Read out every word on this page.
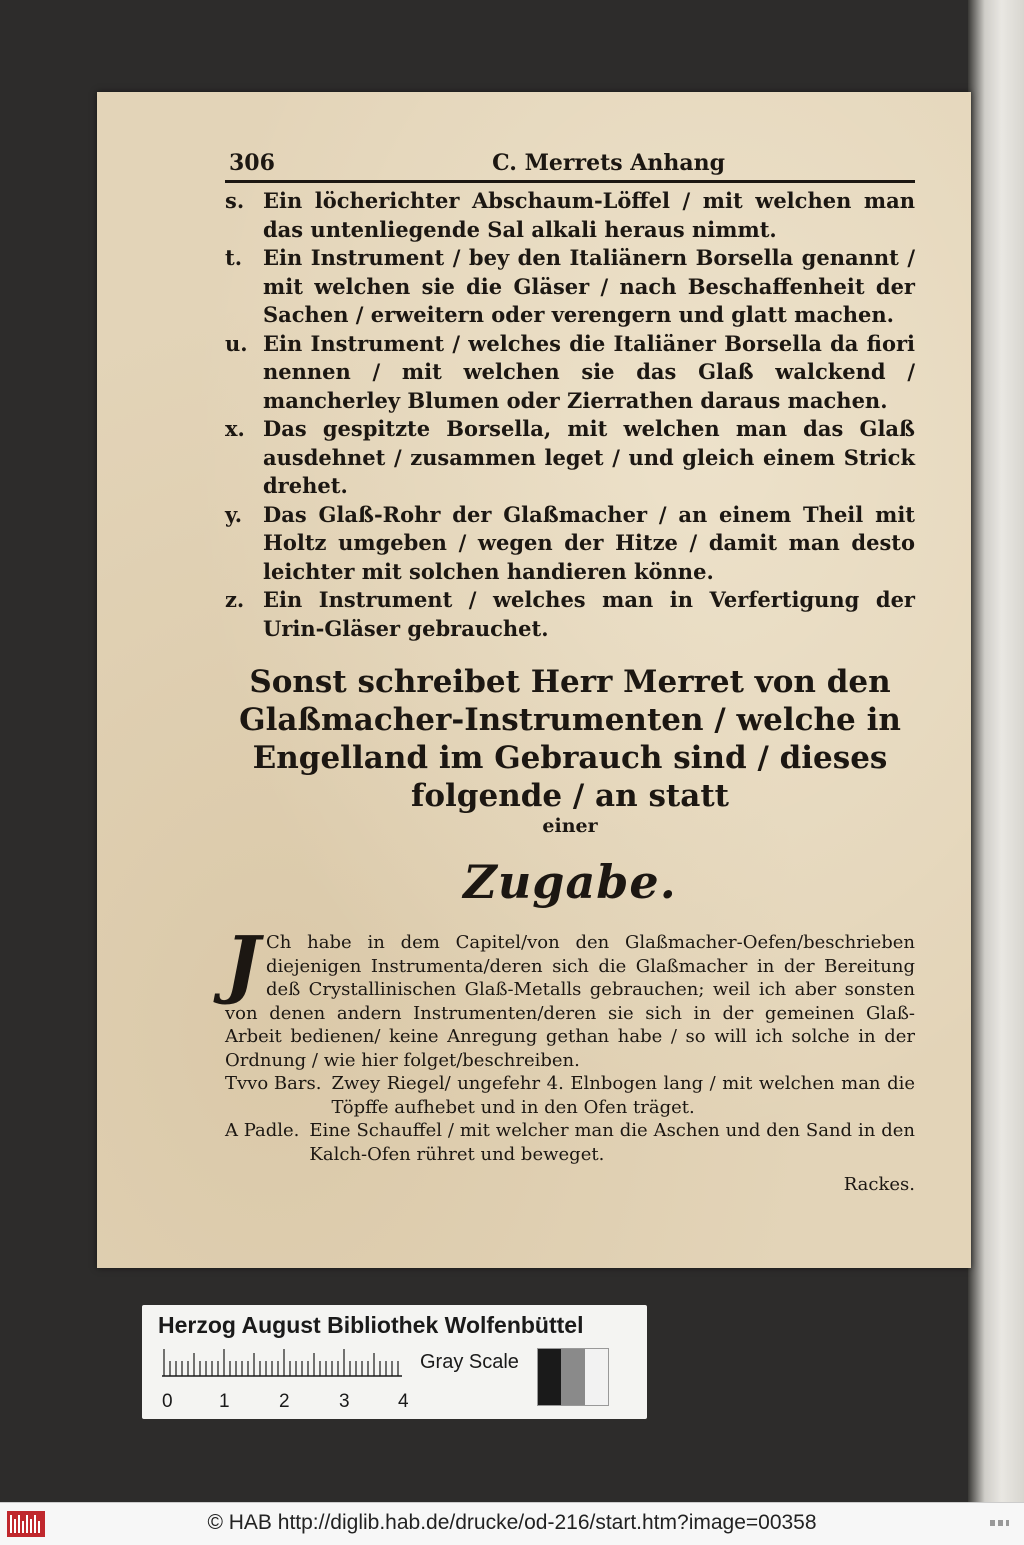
306	C. Merrets Anhang
s. Ein löcherichter Abschaum-Löffel / mit welchen man das untenliegende Sal alkali heraus nimmt.
t. Ein Instrument / bey den Italiänern Borsella genannt / mit welchen sie die Gläser / nach Beschaffenheit der Sachen / erweitern oder verengern und glatt machen.
u. Ein Instrument / welches die Italiäner Borsella da fiori nennen / mit welchen sie das Glaß walckend / mancherley Blumen oder Zierrathen daraus machen.
x. Das gespitzte Borsella, mit welchen man das Glaß ausdehnet / zusammen leget / und gleich einem Strick drehet.
y. Das Glaß-Rohr der Glaßmacher / an einem Theil mit Holtz umgeben / wegen der Hitze / damit man desto leichter mit solchen handieren könne.
z. Ein Instrument / welches man in Verfertigung der Urin-Gläser gebrauchet.
Sonst schreibet Herr Merret von den Glaßmacher-Instrumenten / welche in Engelland im Gebrauch sind / dieses folgende / an statt
einer
Zugabe.
J Ch habe in dem Capitel/von den Glaßmacher-Oefen/beschrieben diejenigen Instrumenta/deren sich die Glaßmacher in der Bereitung deß Crystallinischen Glaß-Metalls gebrauchen; weil ich aber sonsten von denen andern Instrumenten/deren sie sich in der gemeinen Glaß-Arbeit bedienen/ keine Anregung gethan habe / so will ich solche in der Ordnung / wie hier folget/beschreiben.
Tvvo Bars. Zwey Riegel/ ungefehr 4. Elnbogen lang / mit welchen man die Töpffe aufhebet und in den Ofen träget.
A Padle. Eine Schauffel / mit welcher man die Aschen und den Sand in den Kalch-Ofen rühret und beweget.
Rackes.
Herzog August Bibliothek Wolfenbüttel
0 1	2	3	4
Gray Scale
© HAB http://diglib.hab.de/drucke/od-216/start.htm?image=00358
